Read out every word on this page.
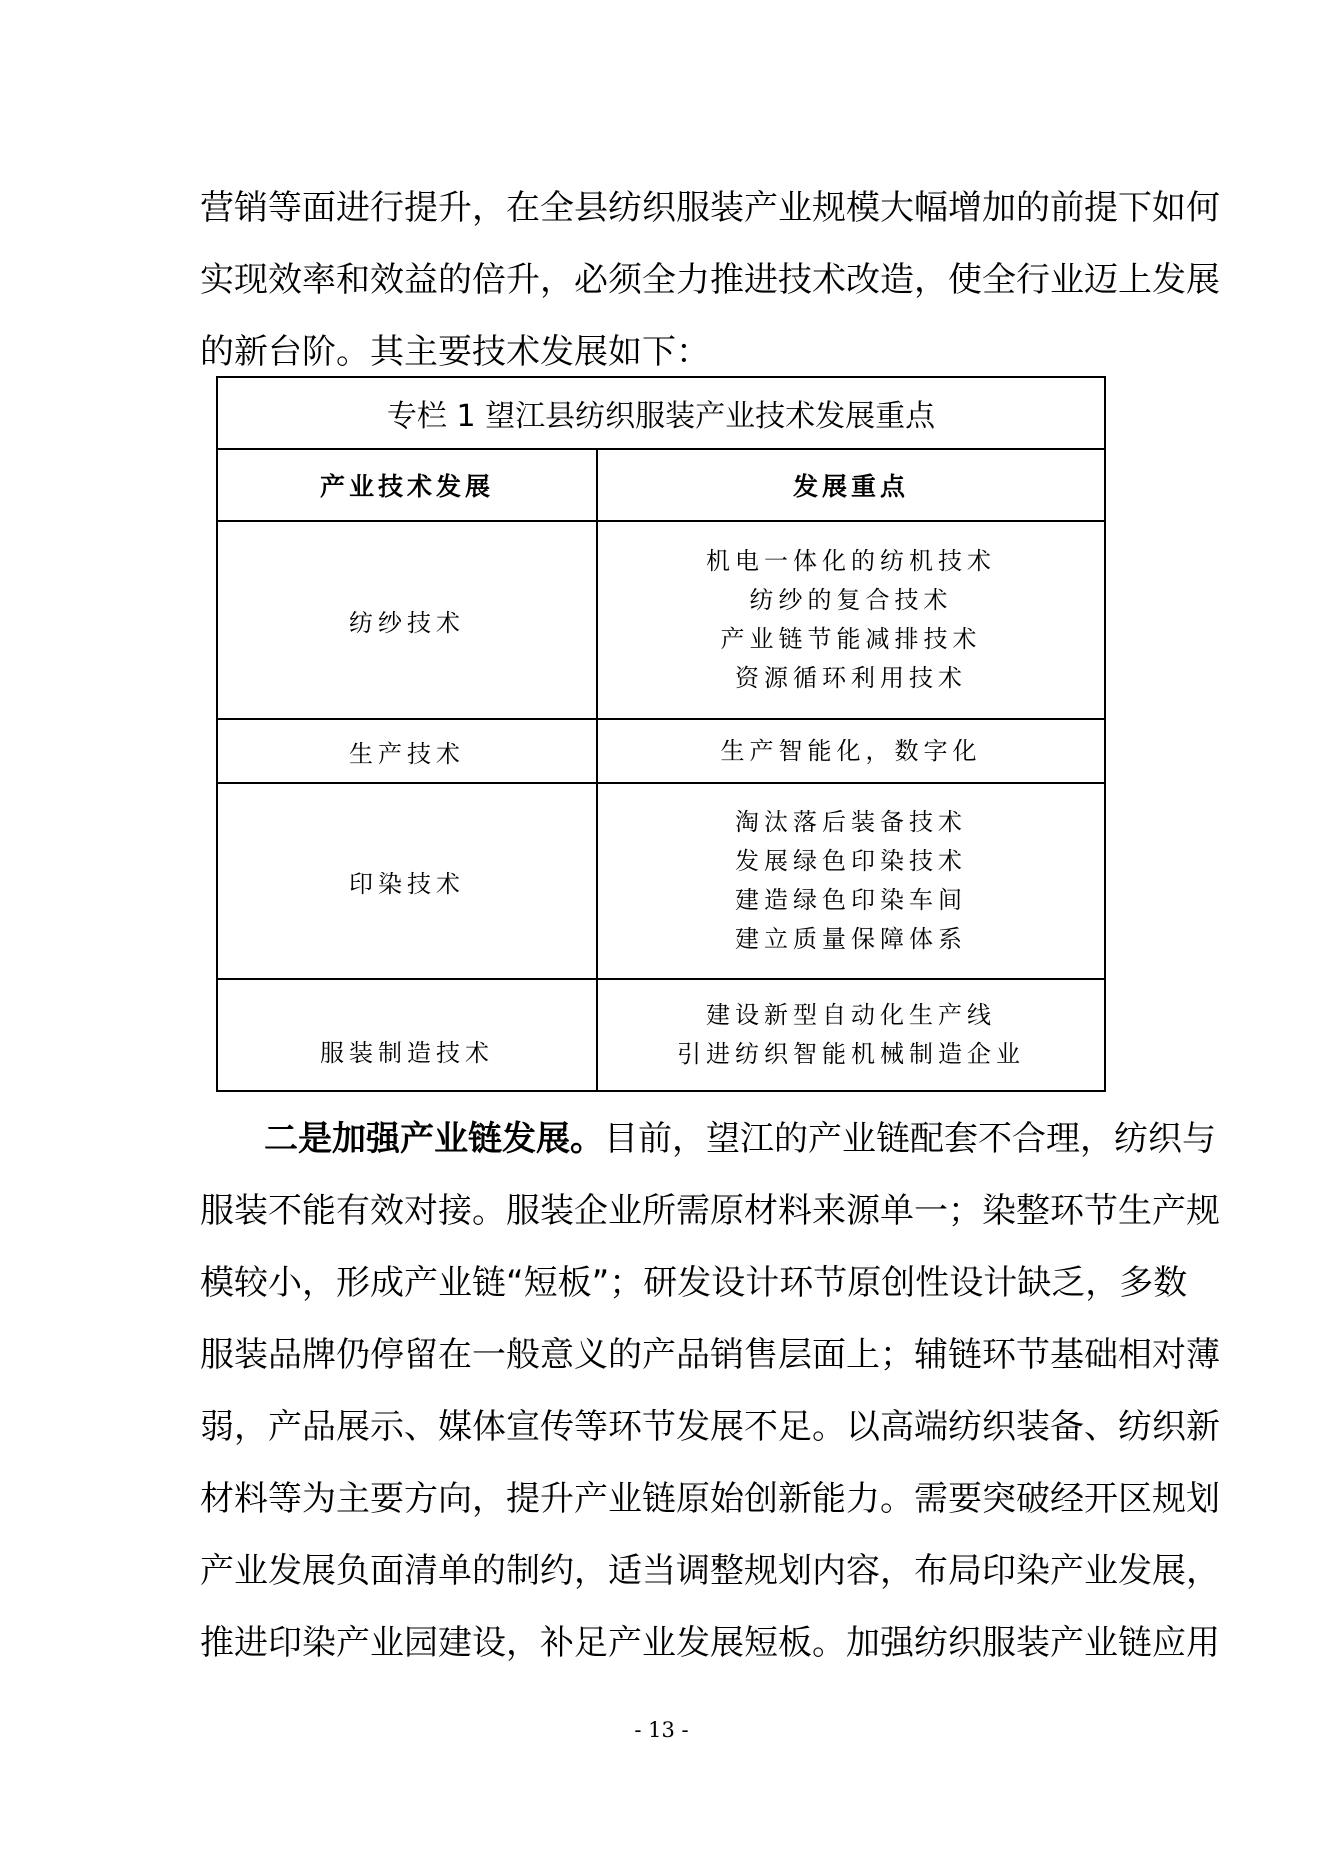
营销等面进行提升，在全县纺织服装产业规模大幅增加的前提下如何
实现效率和效益的倍升，必须全力推进技术改造，使全行业迈上发展
的新台阶。其主要技术发展如下：
专栏 1 望江县纺织服装产业技术发展重点	
产业技术发展	发展重点
纺纱技术	机电一体化的纺机技术
纺纱的复合技术
产业链节能减排技术
资源循环利用技术

生产技术	生产智能化，数字化

印染技术	淘汰落后装备技术
发展绿色印染技术
建造绿色印染车间
建立质量保障体系

服装制造技术	建设新型自动化生产线
引进纺织智能机械制造企业
二是加强产业链发展。目前，望江的产业链配套不合理，纺织与
服装不能有效对接。服装企业所需原材料来源单一；染整环节生产规
模较小，形成产业链“短板”；研发设计环节原创性设计缺乏，多数
服装品牌仍停留在一般意义的产品销售层面上；辅链环节基础相对薄
弱，产品展示、媒体宣传等环节发展不足。以高端纺织装备、纺织新
材料等为主要方向，提升产业链原始创新能力。需要突破经开区规划
产业发展负面清单的制约，适当调整规划内容，布局印染产业发展，
推进印染产业园建设，补足产业发展短板。加强纺织服装产业链应用
- 13 -
